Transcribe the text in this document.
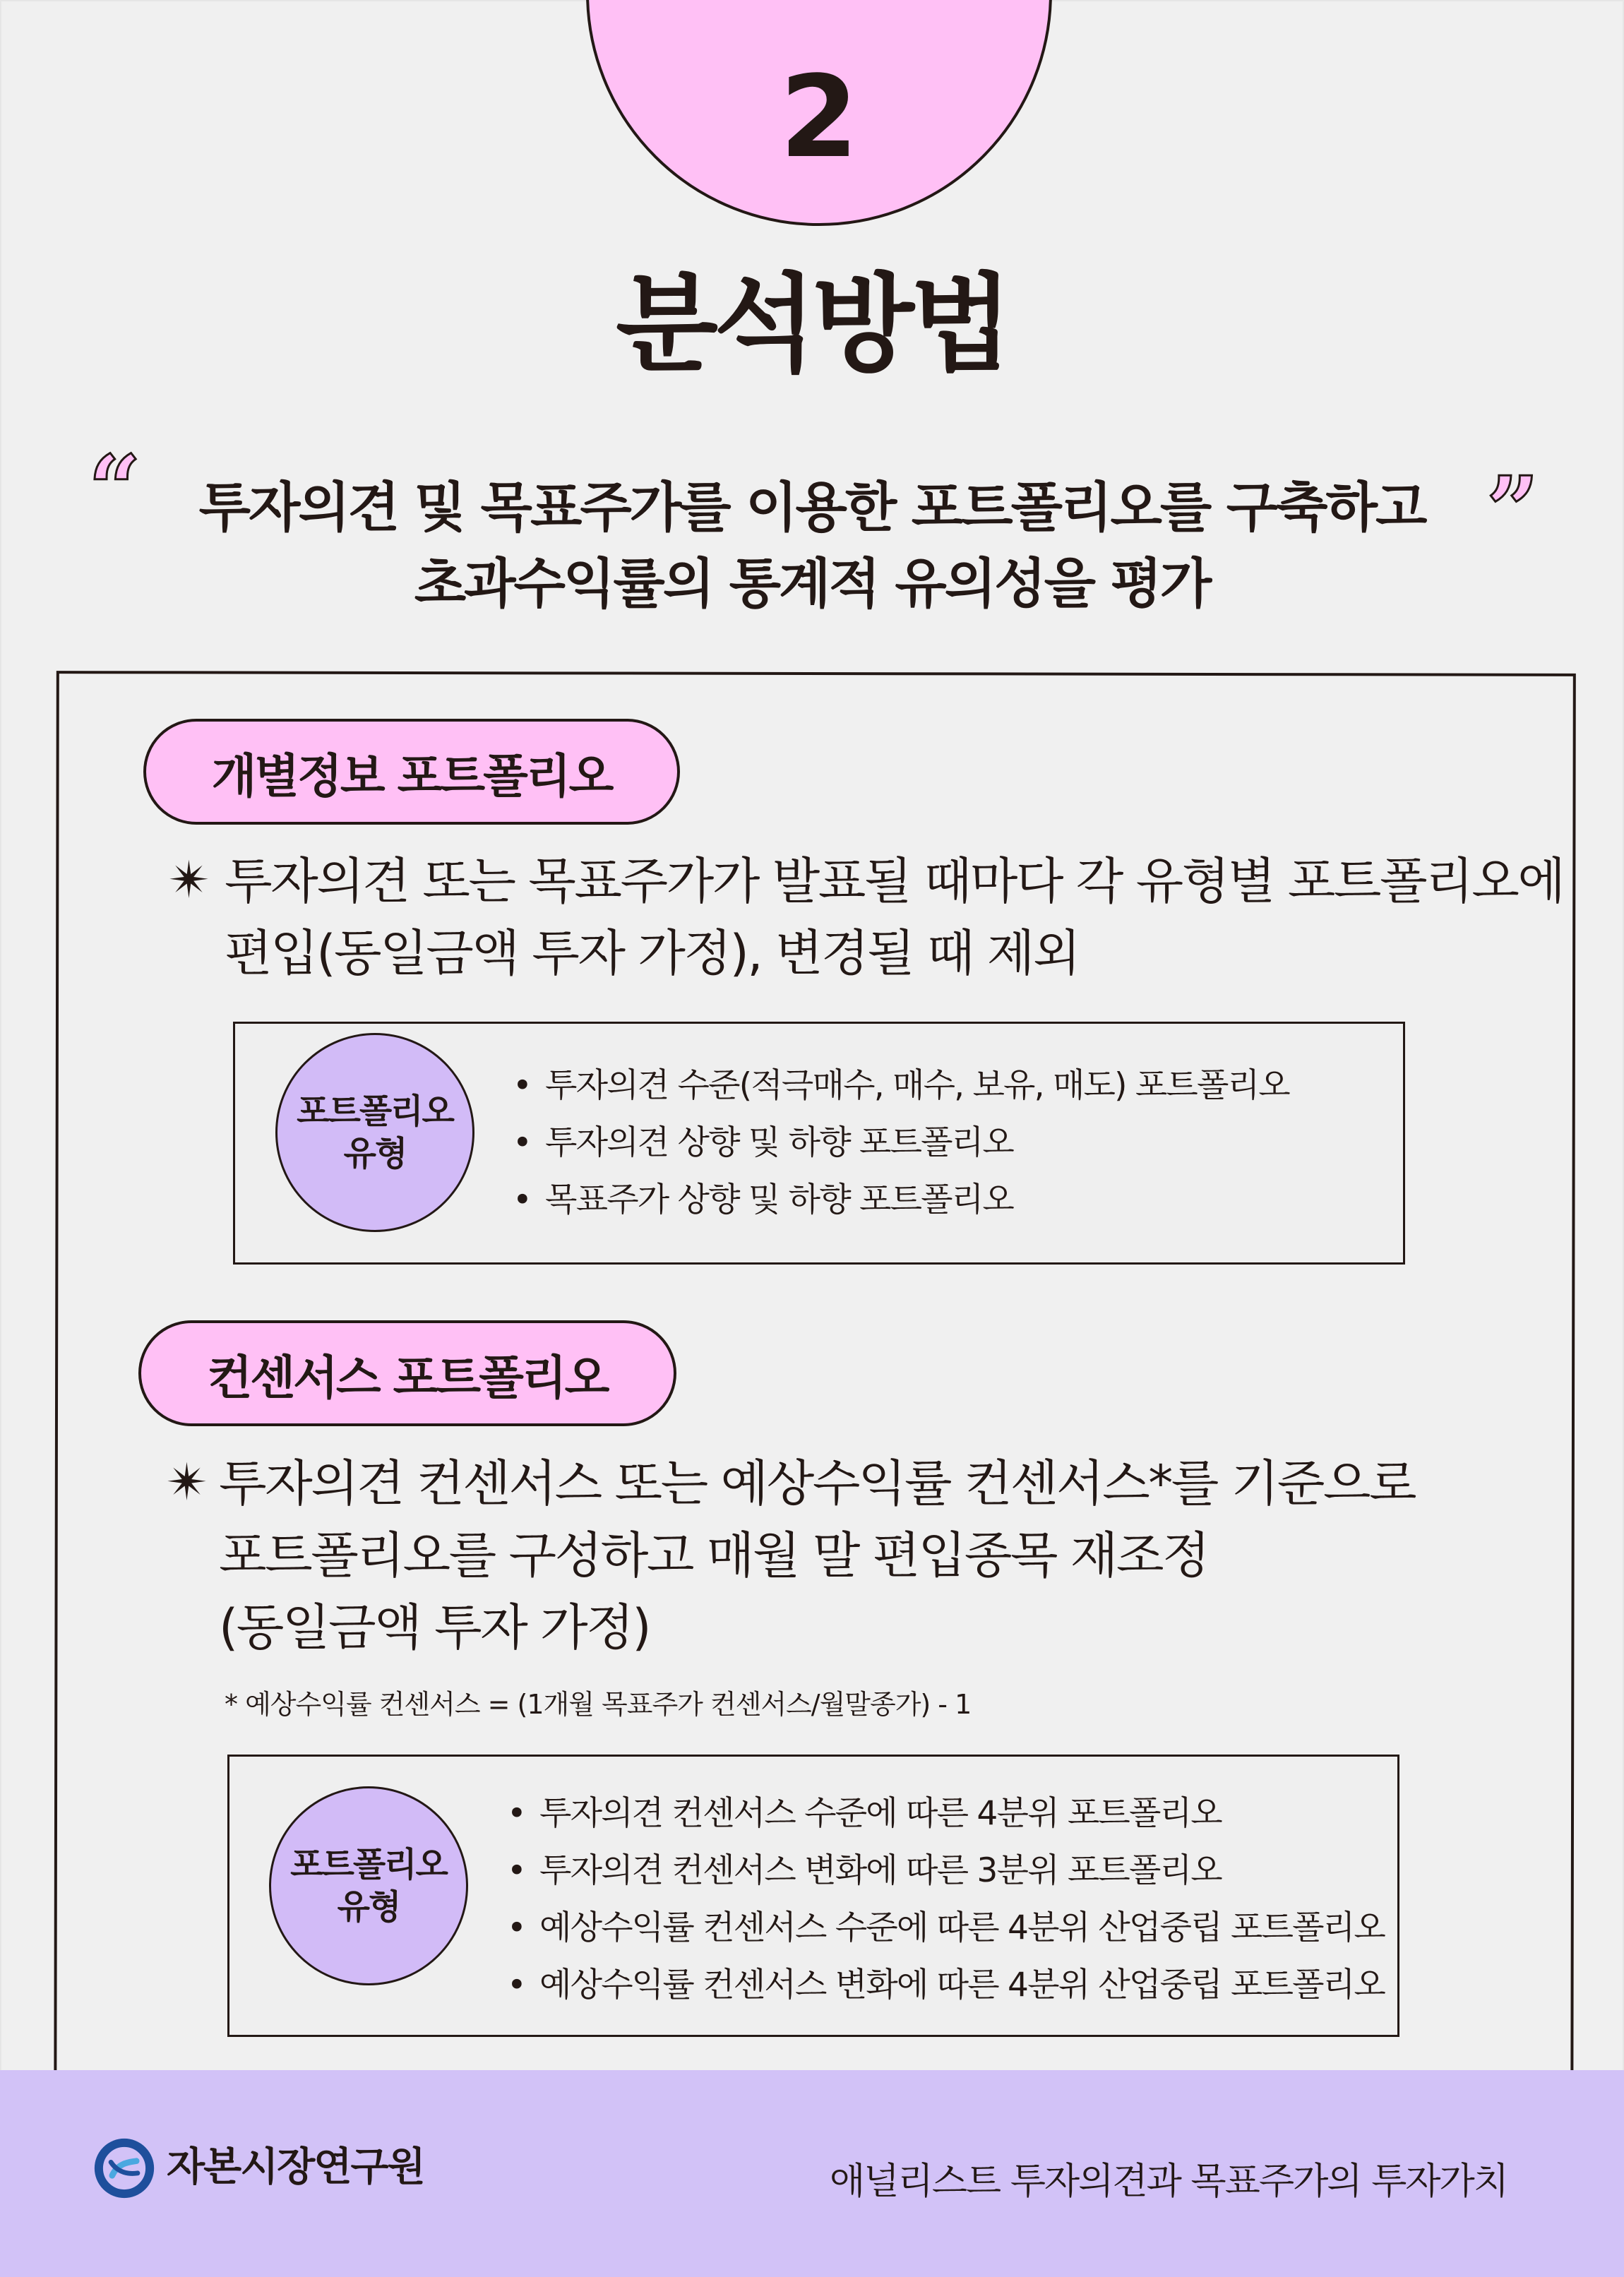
2
분석방법
“	”
투자의견 및 목표주가를 이용한 포트폴리오를 구축하고
초과수익률의 통계적 유의성을 평가
개별정보 포트폴리오
✴ 투자의견 또는 목표주가가 발표될 때마다 각 유형별 포트폴리오에
편입(동일금액 투자 가정), 변경될 때 제외
포트폴리오
유형
• 투자의견 수준(적극매수, 매수, 보유, 매도) 포트폴리오
• 투자의견 상향 및 하향 포트폴리오
• 목표주가 상향 및 하향 포트폴리오
컨센서스 포트폴리오
✴ 투자의견 컨센서스 또는 예상수익률 컨센서스*를 기준으로
포트폴리오를 구성하고 매월 말 편입종목 재조정
(동일금액 투자 가정)
* 예상수익률 컨센서스 = (1개월 목표주가 컨센서스/월말종가) - 1
포트폴리오
유형
• 투자의견 컨센서스 수준에 따른 4분위 포트폴리오
• 투자의견 컨센서스 변화에 따른 3분위 포트폴리오
• 예상수익률 컨센서스 수준에 따른 4분위 산업중립 포트폴리오
• 예상수익률 컨센서스 변화에 따른 4분위 산업중립 포트폴리오
자본시장연구원	애널리스트 투자의견과 목표주가의 투자가치
